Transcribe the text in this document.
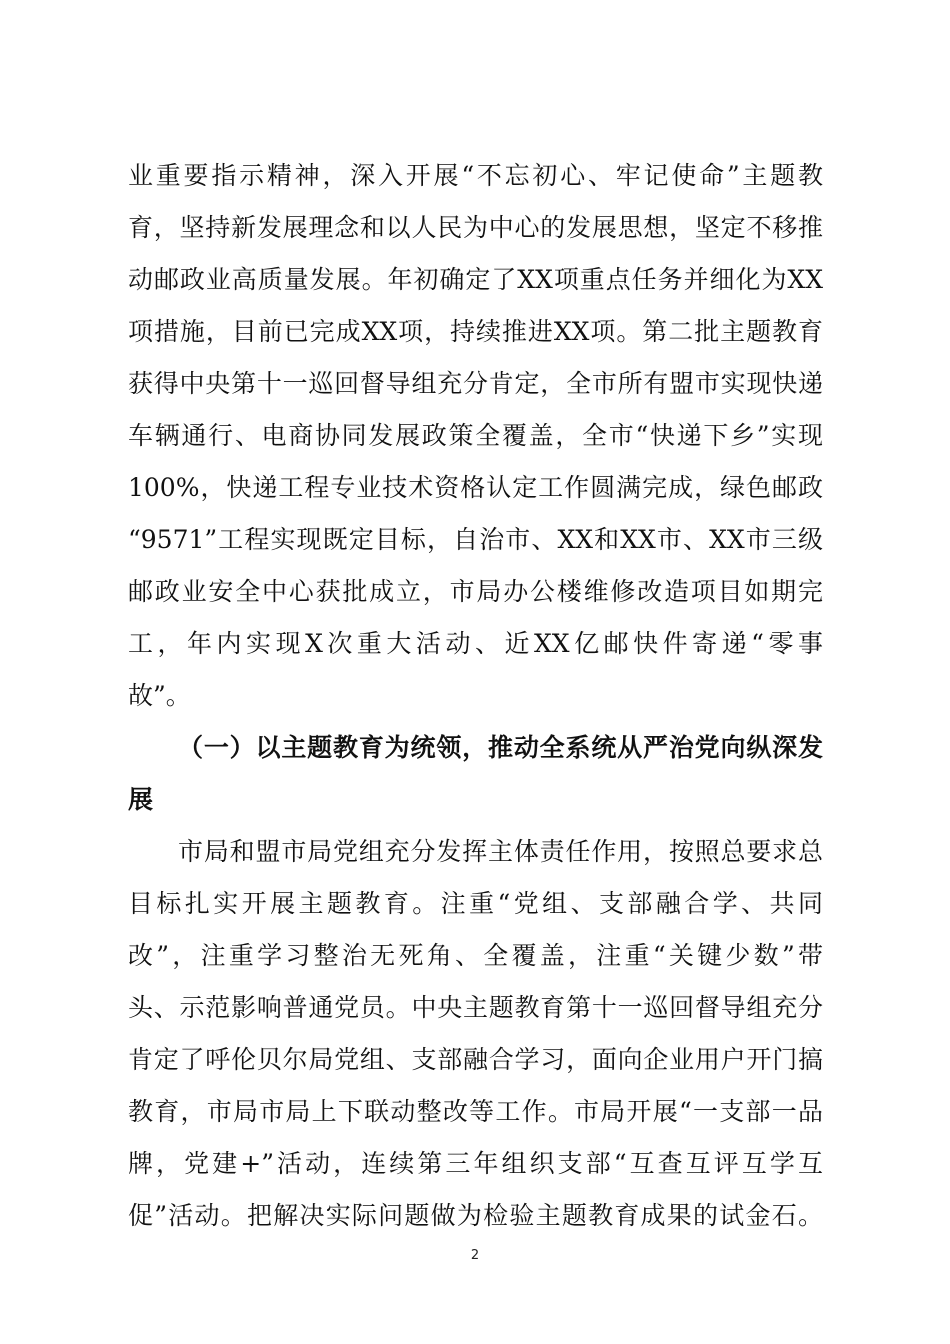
业重要指示精神，深入开展“不忘初心、牢记使命”主题教
育，坚持新发展理念和以人民为中心的发展思想，坚定不移推
动邮政业高质量发展。年初确定了XX项重点任务并细化为XX
项措施，目前已完成XX项，持续推进XX项。第二批主题教育
获得中央第十一巡回督导组充分肯定，全市所有盟市实现快递
车辆通行、电商协同发展政策全覆盖，全市“快递下乡”实现
100%，快递工程专业技术资格认定工作圆满完成，绿色邮政
“9571”工程实现既定目标，自治市、XX和XX市、XX市三级
邮政业安全中心获批成立，市局办公楼维修改造项目如期完
工，年内实现X次重大活动、近XX亿邮快件寄递“零事
故”。
（一）以主题教育为统领，推动全系统从严治党向纵深发
展
市局和盟市局党组充分发挥主体责任作用，按照总要求总
目标扎实开展主题教育。注重“党组、支部融合学、共同
改”，注重学习整治无死角、全覆盖，注重“关键少数”带
头、示范影响普通党员。中央主题教育第十一巡回督导组充分
肯定了呼伦贝尔局党组、支部融合学习，面向企业用户开门搞
教育，市局市局上下联动整改等工作。市局开展“一支部一品
牌，党建+”活动，连续第三年组织支部“互查互评互学互
促”活动。把解决实际问题做为检验主题教育成果的试金石。
2
